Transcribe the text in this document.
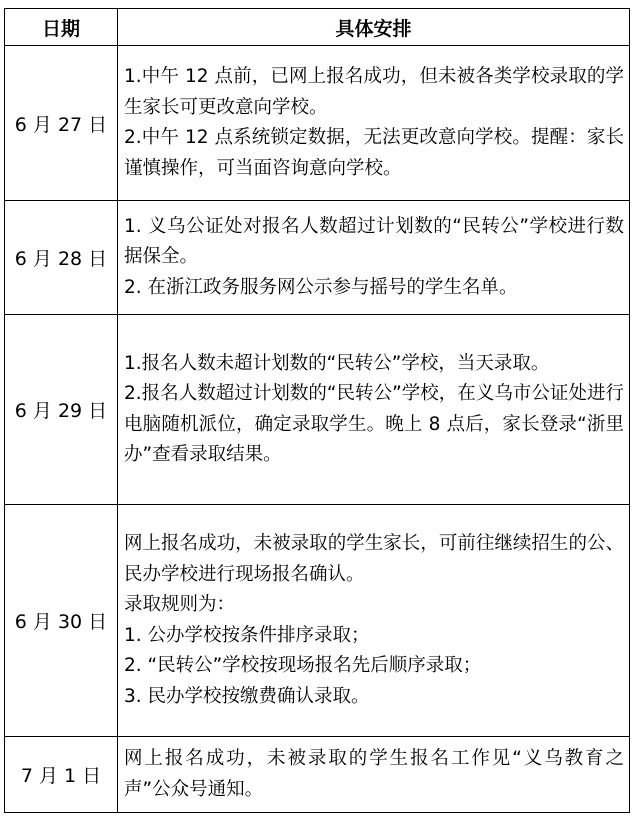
日期	具体安排
6 月 27 日	1.中午 12 点前，已网上报名成功，但未被各类学校录取的学生家长可更改意向学校。
2.中午 12 点系统锁定数据，无法更改意向学校。提醒：家长谨慎操作，可当面咨询意向学校。

6 月 28 日	1. 义乌公证处对报名人数超过计划数的“民转公”学校进行数据保全。
2. 在浙江政务服务网公示参与摇号的学生名单。

6 月 29 日	1.报名人数未超计划数的“民转公”学校，当天录取。
2.报名人数超过计划数的“民转公”学校，在义乌市公证处进行电脑随机派位，确定录取学生。晚上 8 点后，家长登录“浙里办”查看录取结果。

6 月 30 日	网上报名成功，未被录取的学生家长，可前往继续招生的公、民办学校进行现场报名确认。
录取规则为：
1. 公办学校按条件排序录取；
2. “民转公”学校按现场报名先后顺序录取；
3. 民办学校按缴费确认录取。

7 月 1 日	网上报名成功，未被录取的学生报名工作见“义乌教育之声”公众号通知。
